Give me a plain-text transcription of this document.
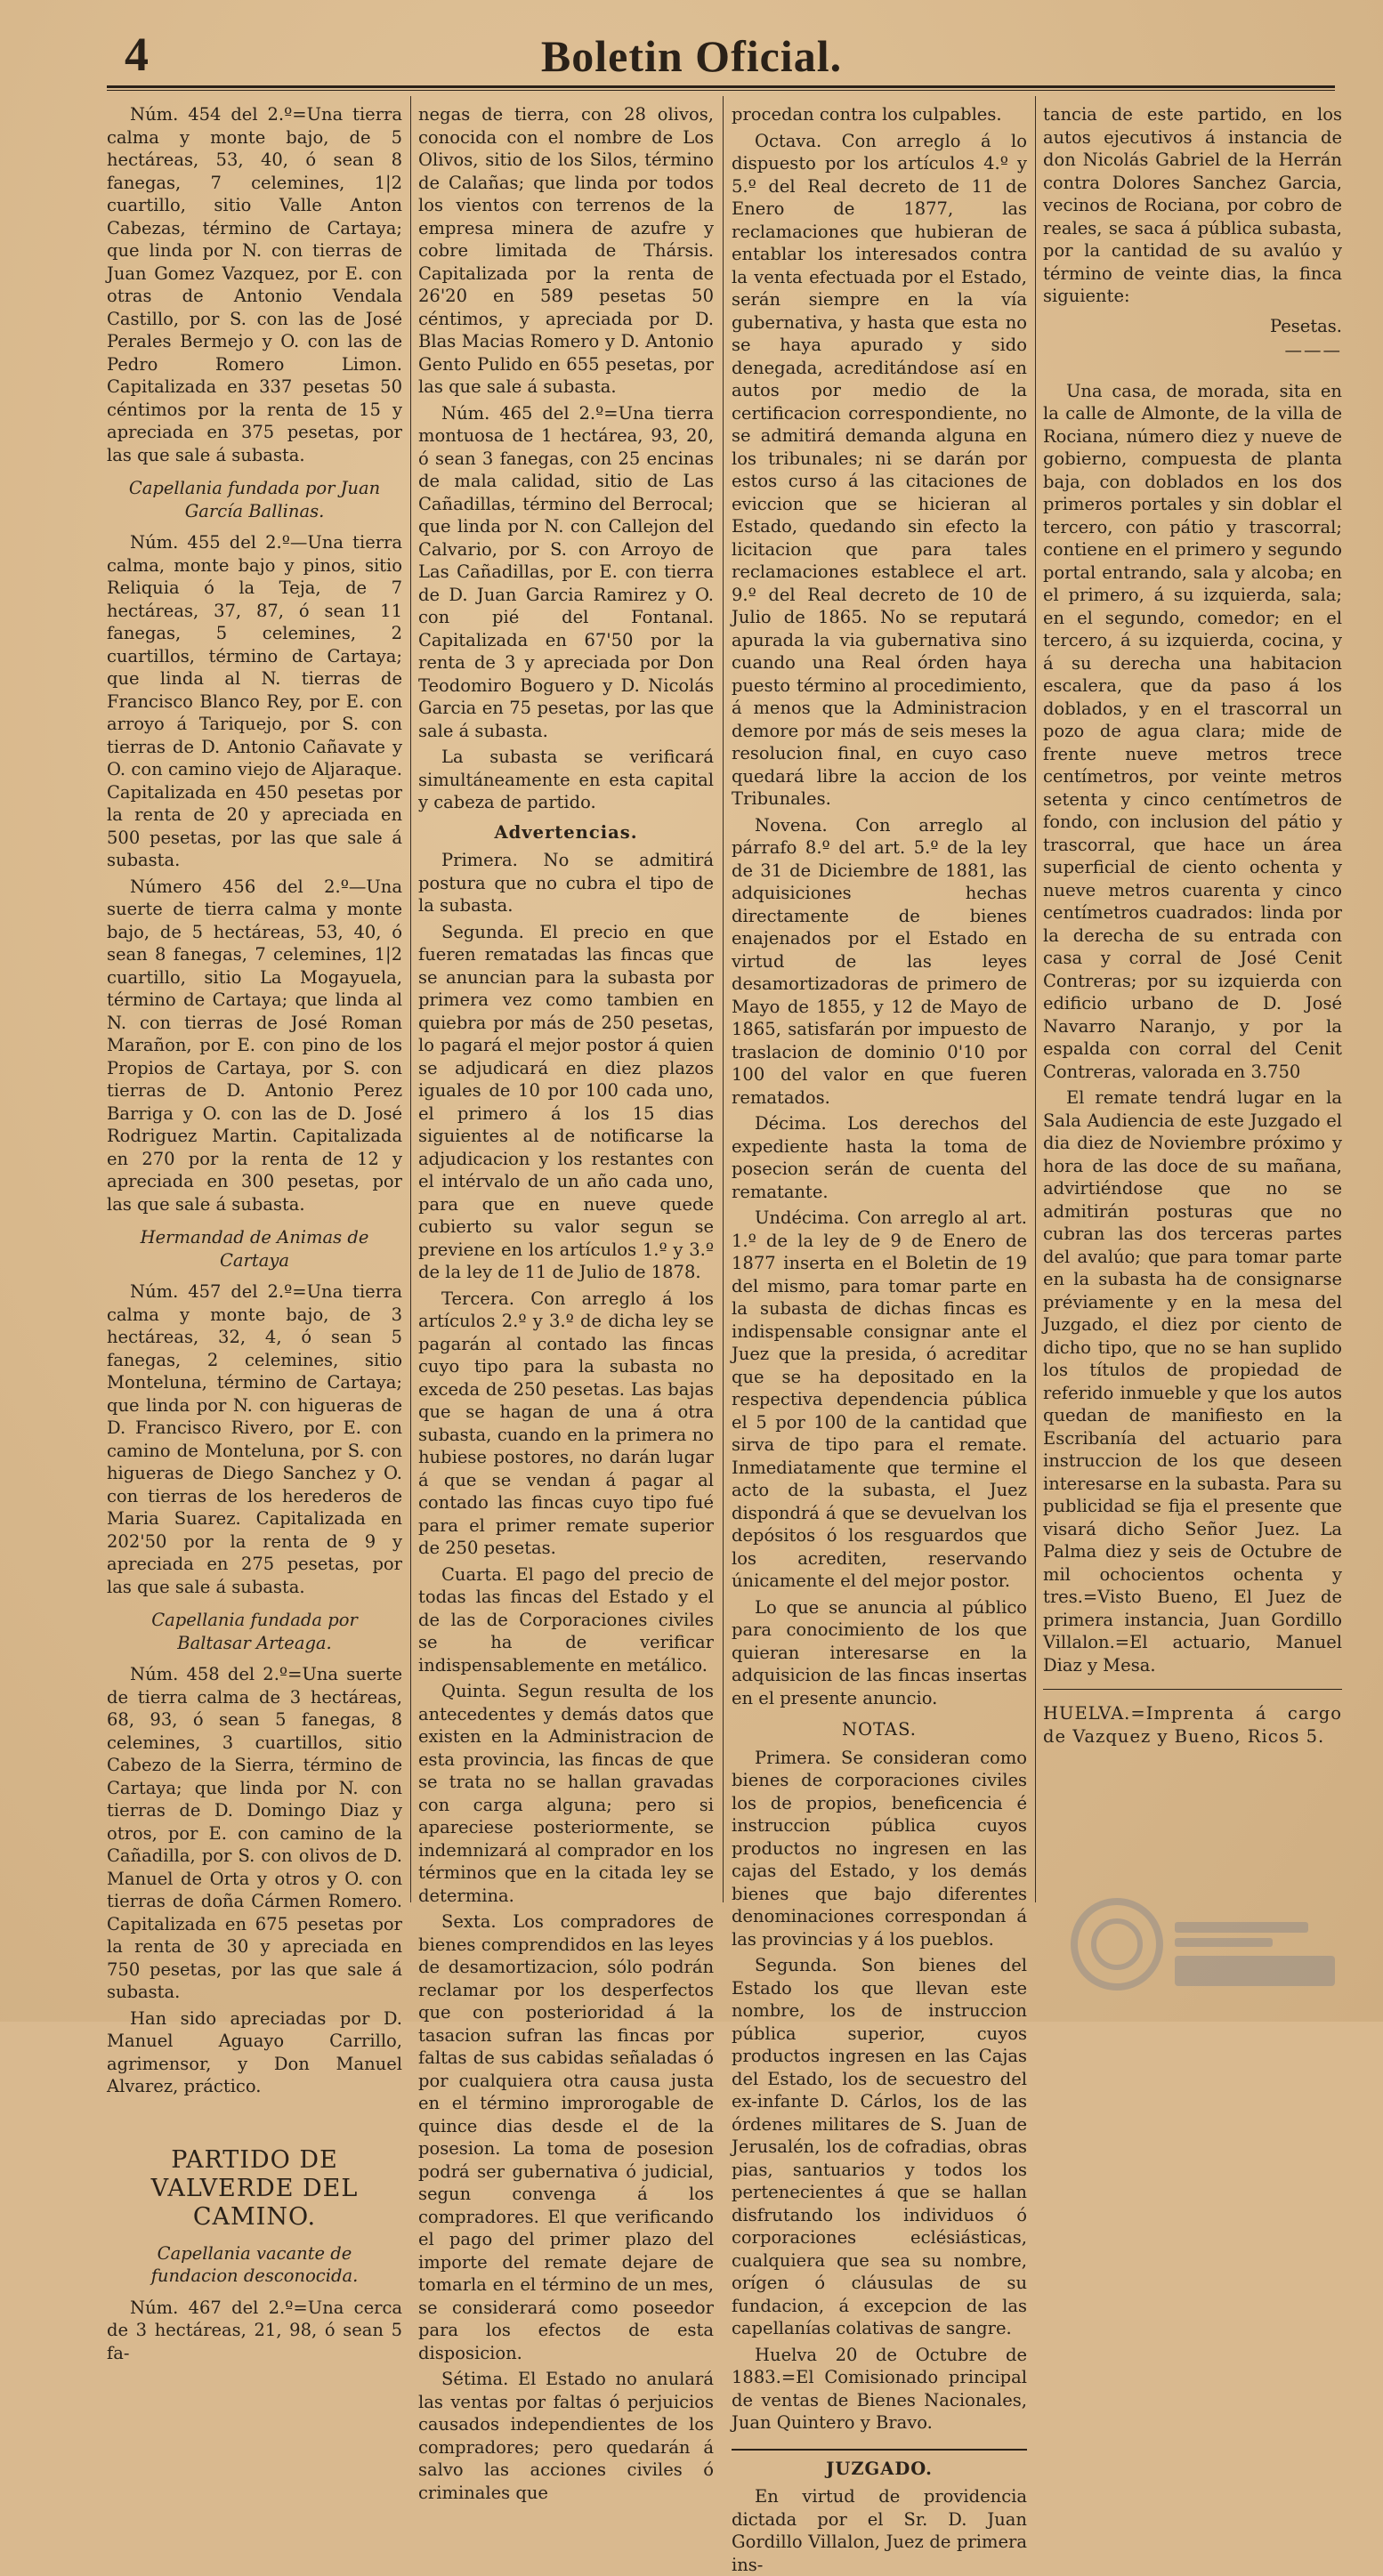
4	Boletin Oficial.

Núm. 454 del 2.º=Una tierra calma y monte bajo, de 5 hectáreas, 53, 40, ó sean 8 fanegas, 7 celemines, 1|2 cuartillo, sitio Valle Anton Cabezas, término de Cartaya; que linda por N. con tierras de Juan Gomez Vazquez, por E. con otras de Antonio Vendala Castillo, por S. con las de José Perales Bermejo y O. con las de Pedro Romero Limon. Capitalizada en 337 pesetas 50 céntimos por la renta de 15 y apreciada en 375 pesetas, por las que sale á subasta.

Capellania fundada por Juan García Ballinas.

Núm. 455 del 2.º—Una tierra calma, monte bajo y pinos, sitio Reliquia ó la Teja, de 7 hectáreas, 37, 87, ó sean 11 fanegas, 5 celemines, 2 cuartillos, término de Cartaya; que linda al N. tierras de Francisco Blanco Rey, por E. con arroyo á Tariquejo, por S. con tierras de D. Antonio Cañavate y O. con camino viejo de Aljaraque. Capitalizada en 450 pesetas por la renta de 20 y apreciada en 500 pesetas, por las que sale á subasta.

Número 456 del 2.º—Una suerte de tierra calma y monte bajo, de 5 hectáreas, 53, 40, ó sean 8 fanegas, 7 celemines, 1|2 cuartillo, sitio La Mogayuela, término de Cartaya; que linda al N. con tierras de José Roman Marañon, por E. con pino de los Propios de Cartaya, por S. con tierras de D. Antonio Perez Barriga y O. con las de D. José Rodriguez Martin. Capitalizada en 270 por la renta de 12 y apreciada en 300 pesetas, por las que sale á subasta.

Hermandad de Animas de Cartaya

Núm. 457 del 2.º=Una tierra calma y monte bajo, de 3 hectáreas, 32, 4, ó sean 5 fanegas, 2 celemines, sitio Monteluna, término de Cartaya; que linda por N. con higueras de D. Francisco Rivero, por E. con camino de Monteluna, por S. con higueras de Diego Sanchez y O. con tierras de los herederos de Maria Suarez. Capitalizada en 202'50 por la renta de 9 y apreciada en 275 pesetas, por las que sale á subasta.

Capellania fundada por Baltasar Arteaga.

Núm. 458 del 2.º=Una suerte de tierra calma de 3 hectáreas, 68, 93, ó sean 5 fanegas, 8 celemines, 3 cuartillos, sitio Cabezo de la Sierra, término de Cartaya; que linda por N. con tierras de D. Domingo Diaz y otros, por E. con camino de la Cañadilla, por S. con olivos de D. Manuel de Orta y otros y O. con tierras de doña Cármen Romero. Capitalizada en 675 pesetas por la renta de 30 y apreciada en 750 pesetas, por las que sale á subasta.

Han sido apreciadas por D. Manuel Aguayo Carrillo, agrimensor, y Don Manuel Alvarez, práctico.

PARTIDO DE VALVERDE DEL CAMINO.

Capellania vacante de fundacion desconocida.

Núm. 467 del 2.º=Una cerca de 3 hectáreas, 21, 98, ó sean 5 fa-

negas de tierra, con 28 olivos, conocida con el nombre de Los Olivos, sitio de los Silos, término de Calañas; que linda por todos los vientos con terrenos de la empresa minera de azufre y cobre limitada de Thársis. Capitalizada por la renta de 26'20 en 589 pesetas 50 céntimos, y apreciada por D. Blas Macias Romero y D. Antonio Gento Pulido en 655 pesetas, por las que sale á subasta.

Núm. 465 del 2.º=Una tierra montuosa de 1 hectárea, 93, 20, ó sean 3 fanegas, con 25 encinas de mala calidad, sitio de Las Cañadillas, término del Berrocal; que linda por N. con Callejon del Calvario, por S. con Arroyo de Las Cañadillas, por E. con tierra de D. Juan Garcia Ramirez y O. con pié del Fontanal. Capitalizada en 67'50 por la renta de 3 y apreciada por Don Teodomiro Boguero y D. Nicolás Garcia en 75 pesetas, por las que sale á subasta.

La subasta se verificará simultáneamente en esta capital y cabeza de partido.

Advertencias.

Primera. No se admitirá postura que no cubra el tipo de la subasta.

Segunda. El precio en que fueren rematadas las fincas que se anuncian para la subasta por primera vez como tambien en quiebra por más de 250 pesetas, lo pagará el mejor postor á quien se adjudicará en diez plazos iguales de 10 por 100 cada uno, el primero á los 15 dias siguientes al de notificarse la adjudicacion y los restantes con el intérvalo de un año cada uno, para que en nueve quede cubierto su valor segun se previene en los artículos 1.º y 3.º de la ley de 11 de Julio de 1878.

Tercera. Con arreglo á los artículos 2.º y 3.º de dicha ley se pagarán al contado las fincas cuyo tipo para la subasta no exceda de 250 pesetas. Las bajas que se hagan de una á otra subasta, cuando en la primera no hubiese postores, no darán lugar á que se vendan á pagar al contado las fincas cuyo tipo fué para el primer remate superior de 250 pesetas.

Cuarta. El pago del precio de todas las fincas del Estado y el de las de Corporaciones civiles se ha de verificar indispensablemente en metálico.

Quinta. Segun resulta de los antecedentes y demás datos que existen en la Administracion de esta provincia, las fincas de que se trata no se hallan gravadas con carga alguna; pero si apareciese posteriormente, se indemnizará al comprador en los términos que en la citada ley se determina.

Sexta. Los compradores de bienes comprendidos en las leyes de desamortizacion, sólo podrán reclamar por los desperfectos que con posterioridad á la tasacion sufran las fincas por faltas de sus cabidas señaladas ó por cualquiera otra causa justa en el término improrogable de quince dias desde el de la posesion. La toma de posesion podrá ser gubernativa ó judicial, segun convenga á los compradores. El que verificando el pago del primer plazo del importe del remate dejare de tomarla en el término de un mes, se considerará como poseedor para los efectos de esta disposicion.

Sétima. El Estado no anulará las ventas por faltas ó perjuicios causados independientes de los compradores; pero quedarán á salvo las acciones civiles ó criminales que

procedan contra los culpables.

Octava. Con arreglo á lo dispuesto por los artículos 4.º y 5.º del Real decreto de 11 de Enero de 1877, las reclamaciones que hubieran de entablar los interesados contra la venta efectuada por el Estado, serán siempre en la vía gubernativa, y hasta que esta no se haya apurado y sido denegada, acreditándose así en autos por medio de la certificacion correspondiente, no se admitirá demanda alguna en los tribunales; ni se darán por estos curso á las citaciones de eviccion que se hicieran al Estado, quedando sin efecto la licitacion que para tales reclamaciones establece el art. 9.º del Real decreto de 10 de Julio de 1865. No se reputará apurada la via gubernativa sino cuando una Real órden haya puesto término al procedimiento, á menos que la Administracion demore por más de seis meses la resolucion final, en cuyo caso quedará libre la accion de los Tribunales.

Novena. Con arreglo al párrafo 8.º del art. 5.º de la ley de 31 de Diciembre de 1881, las adquisiciones hechas directamente de bienes enajenados por el Estado en virtud de las leyes desamortizadoras de primero de Mayo de 1855, y 12 de Mayo de 1865, satisfarán por impuesto de traslacion de dominio 0'10 por 100 del valor en que fueren rematados.

Décima. Los derechos del expediente hasta la toma de posecion serán de cuenta del rematante.

Undécima. Con arreglo al art. 1.º de la ley de 9 de Enero de 1877 inserta en el Boletin de 19 del mismo, para tomar parte en la subasta de dichas fincas es indispensable consignar ante el Juez que la presida, ó acreditar que se ha depositado en la respectiva dependencia pública el 5 por 100 de la cantidad que sirva de tipo para el remate. Inmediatamente que termine el acto de la subasta, el Juez dispondrá á que se devuelvan los depósitos ó los resguardos que los acrediten, reservando únicamente el del mejor postor.

Lo que se anuncia al público para conocimiento de los que quieran interesarse en la adquisicion de las fincas insertas en el presente anuncio.

NOTAS.

Primera. Se consideran como bienes de corporaciones civiles los de propios, beneficencia é instruccion pública cuyos productos no ingresen en las cajas del Estado, y los demás bienes que bajo diferentes denominaciones correspondan á las provincias y á los pueblos.

Segunda. Son bienes del Estado los que llevan este nombre, los de instruccion pública superior, cuyos productos ingresen en las Cajas del Estado, los de secuestro del ex-infante D. Cárlos, los de las órdenes militares de S. Juan de Jerusalén, los de cofradias, obras pias, santuarios y todos los pertenecientes á que se hallan disfrutando los individuos ó corporaciones eclésiásticas, cualquiera que sea su nombre, orígen ó cláusulas de su fundacion, á excepcion de las capellanías colativas de sangre.

Huelva 20 de Octubre de 1883.=El Comisionado principal de ventas de Bienes Nacionales, Juan Quintero y Bravo.

JUZGADO.

En virtud de providencia dictada por el Sr. D. Juan Gordillo Villalon, Juez de primera ins-

tancia de este partido, en los autos ejecutivos á instancia de don Nicolás Gabriel de la Herrán contra Dolores Sanchez Garcia, vecinos de Rociana, por cobro de reales, se saca á pública subasta, por la cantidad de su avalúo y término de veinte dias, la finca siguiente:

Pesetas.

———

Una casa, de morada, sita en la calle de Almonte, de la villa de Rociana, número diez y nueve de gobierno, compuesta de planta baja, con doblados en los dos primeros portales y sin doblar el tercero, con pátio y trascorral; contiene en el primero y segundo portal entrando, sala y alcoba; en el primero, á su izquierda, sala; en el segundo, comedor; en el tercero, á su izquierda, cocina, y á su derecha una habitacion escalera, que da paso á los doblados, y en el trascorral un pozo de agua clara; mide de frente nueve metros trece centímetros, por veinte metros setenta y cinco centímetros de fondo, con inclusion del pátio y trascorral, que hace un área superficial de ciento ochenta y nueve metros cuarenta y cinco centímetros cuadrados: linda por la derecha de su entrada con casa y corral de José Cenit Contreras; por su izquierda con edificio urbano de D. José Navarro Naranjo, y por la espalda con corral del Cenit Contreras, valorada en 3.750

El remate tendrá lugar en la Sala Audiencia de este Juzgado el dia diez de Noviembre próximo y hora de las doce de su mañana, advirtiéndose que no se admitirán posturas que no cubran las dos terceras partes del avalúo; que para tomar parte en la subasta ha de consignarse préviamente y en la mesa del Juzgado, el diez por ciento de dicho tipo, que no se han suplido los títulos de propiedad de referido inmueble y que los autos quedan de manifiesto en la Escribanía del actuario para instruccion de los que deseen interesarse en la subasta. Para su publicidad se fija el presente que visará dicho Señor Juez. La Palma diez y seis de Octubre de mil ochocientos ochenta y tres.=Visto Bueno, El Juez de primera instancia, Juan Gordillo Villalon.=El actuario, Manuel Diaz y Mesa.

HUELVA.=Imprenta á cargo de Vazquez y Bueno, Ricos 5.
